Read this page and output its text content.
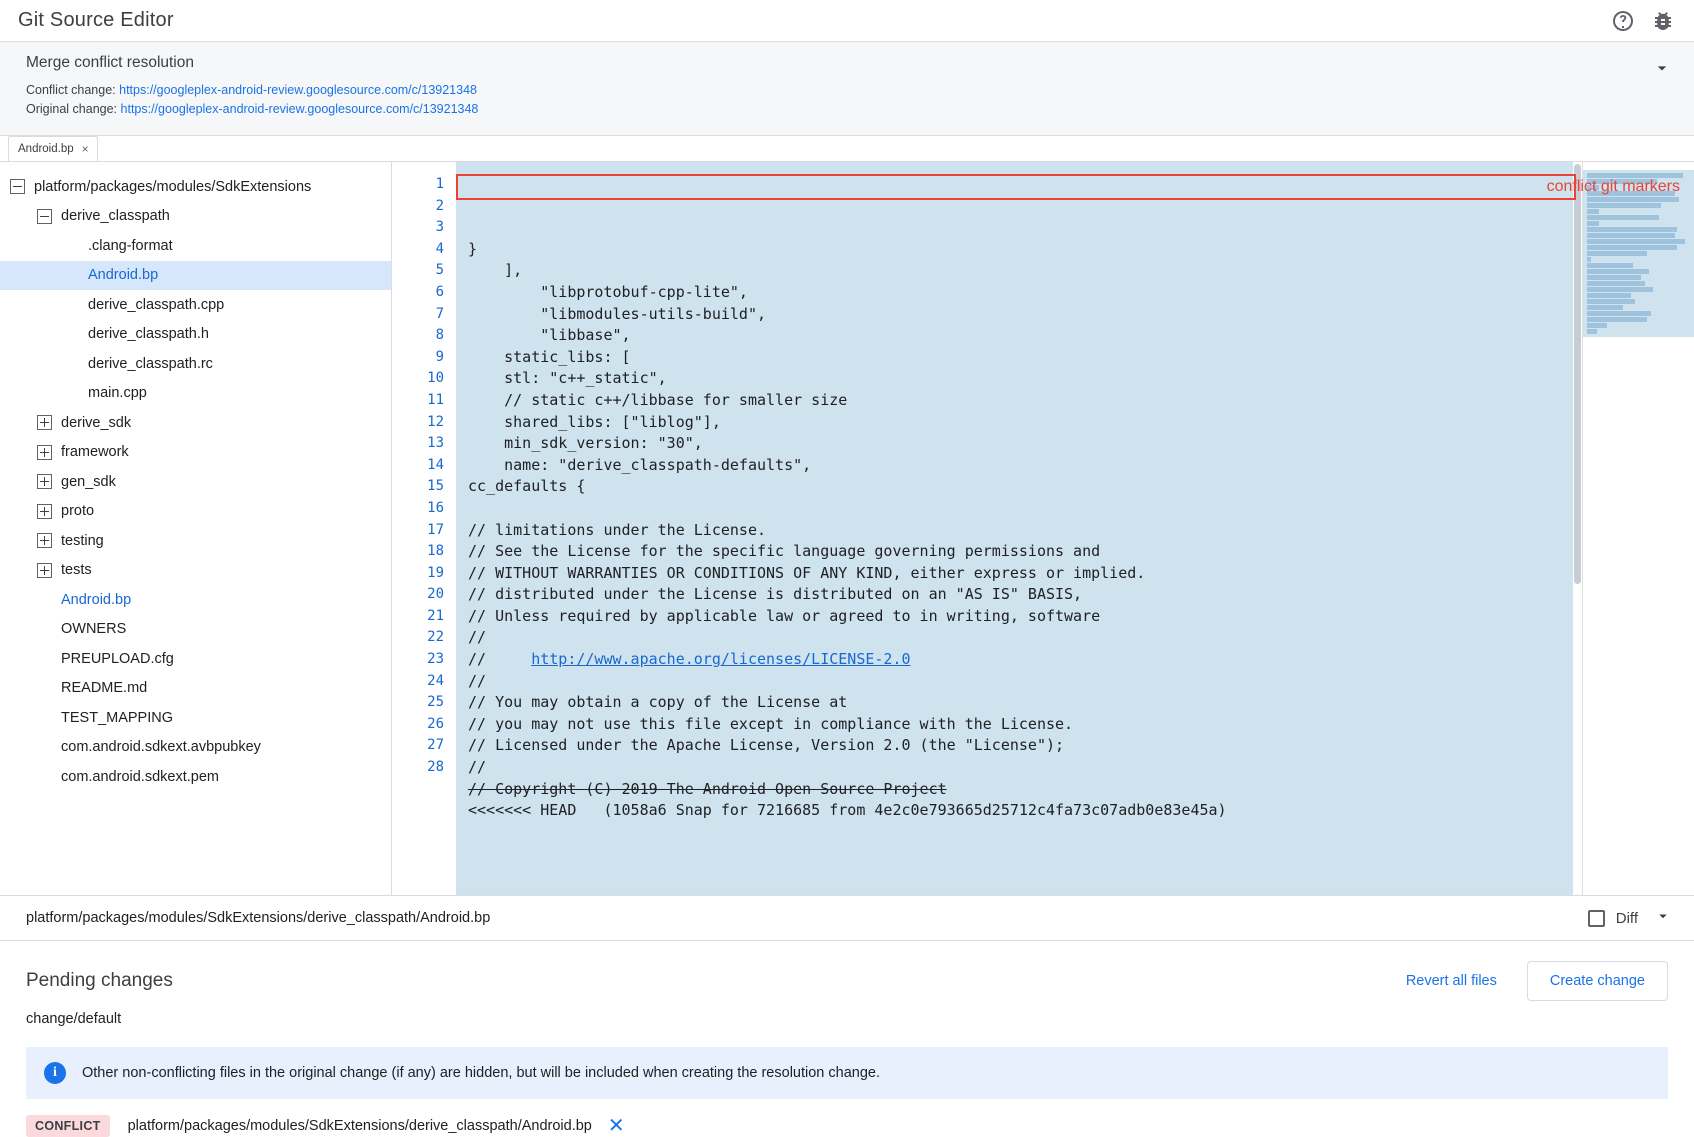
Git Source Editor
Merge conflict resolution
Conflict change: https://googleplex-android-review.googlesource.com/c/13921348
Original change: https://googleplex-android-review.googlesource.com/c/13921348
Android.bp ×
platform/packages/modules/SdkExtensions
derive_classpath
.clang-format
Android.bp
derive_classpath.cpp
derive_classpath.h
derive_classpath.rc
main.cpp
derive_sdk
framework
gen_sdk
proto
testing
tests
Android.bp
OWNERS
PREUPLOAD.cfg
README.md
TEST_MAPPING
com.android.sdkext.avbpubkey
com.android.sdkext.pem
1
2
3
4
5
6
7
8
9
10
11
12
13
14
15
16
17
18
19
20
21
22
23
24
25
26
27
28

}
],
"libprotobuf-cpp-lite",
"libmodules-utils-build",
"libbase",
static_libs: [
stl: "c++_static",
// static c++/libbase for smaller size
shared_libs: ["liblog"],
min_sdk_version: "30",
name: "derive_classpath-defaults",
cc_defaults {
// limitations under the License.
// See the License for the specific language governing permissions and
// WITHOUT WARRANTIES OR CONDITIONS OF ANY KIND, either express or implied.
// distributed under the License is distributed on an "AS IS" BASIS,
// Unless required by applicable law or agreed to in writing, software
//
//     http://www.apache.org/licenses/LICENSE-2.0
//
// You may obtain a copy of the License at
// you may not use this file except in compliance with the License.
// Licensed under the Apache License, Version 2.0 (the "License");
//
// Copyright (C) 2019 The Android Open Source Project
<<<<<<< HEAD   (1058a6 Snap for 7216685 from 4e2c0e793665d25712c4fa73c07adb0e83e45a)

conflict git markers
platform/packages/modules/SdkExtensions/derive_classpath/Android.bp	Diff
Pending changes	Revert all files	Create change
change/default
i	Other non-conflicting files in the original change (if any) are hidden, but will be included when creating the resolution change.
CONFLICT	platform/packages/modules/SdkExtensions/derive_classpath/Android.bp ✕
